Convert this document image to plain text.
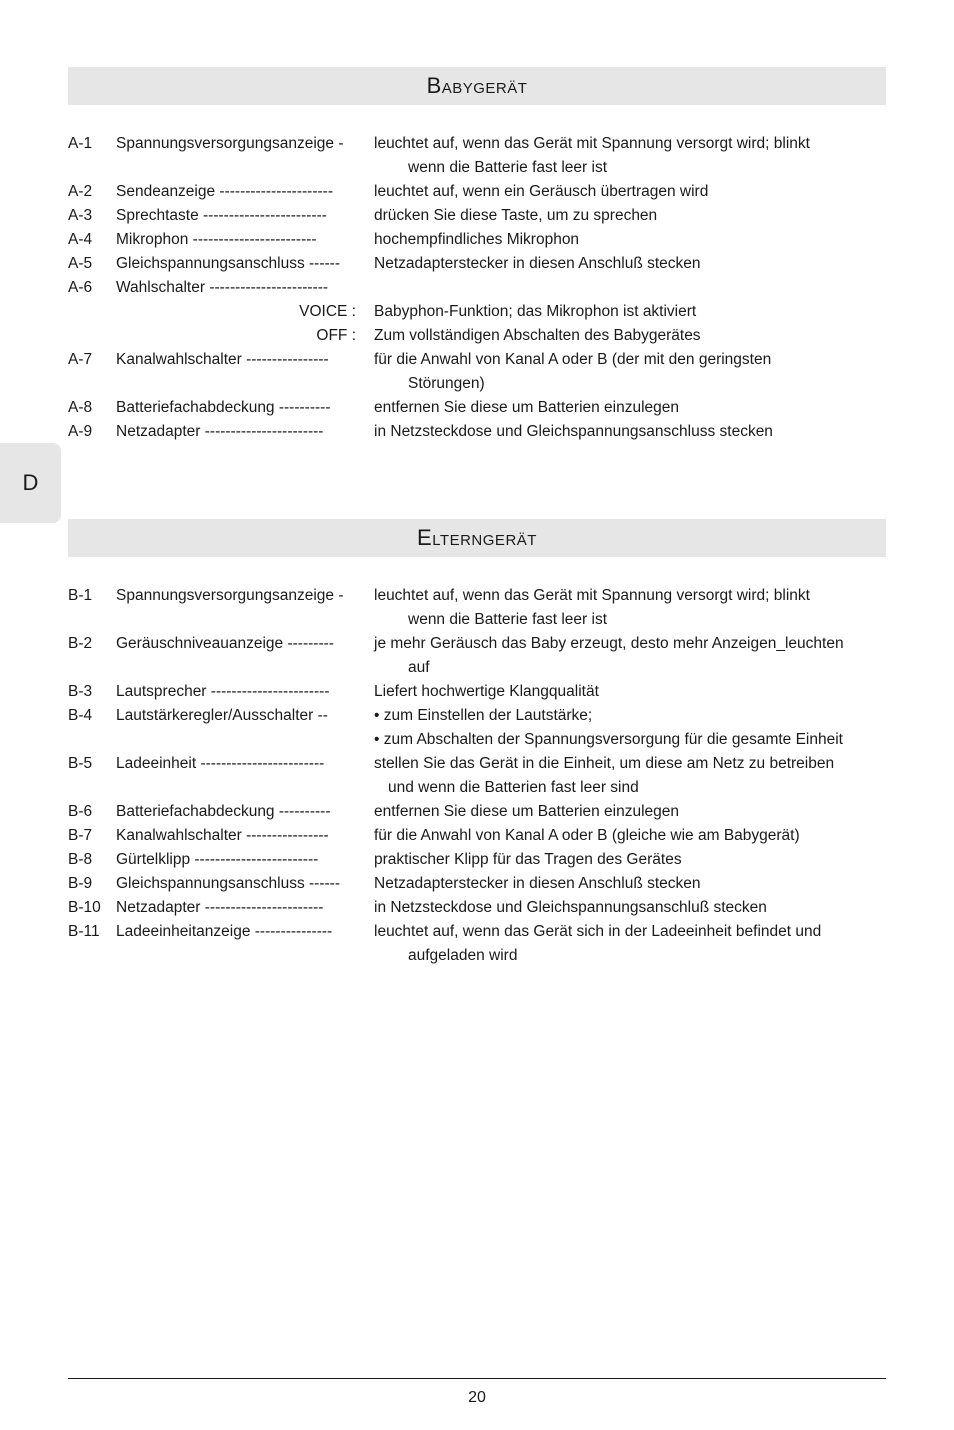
D
Babygerät
A-1 Spannungsversorgungsanzeige - leuchtet auf, wenn das Gerät mit Spannung versorgt wird; blinkt
wenn die Batterie fast leer ist
A-2 Sendeanzeige ----------------------	leuchtet auf, wenn ein Geräusch übertragen wird
A-3 Sprechtaste ------------------------	drücken Sie diese Taste, um zu sprechen
A-4 Mikrophon ------------------------	hochempfindliches Mikrophon
A-5 Gleichspannungsanschluss ------ Netzadapterstecker in diesen Anschluß stecken
A-6 Wahlschalter -----------------------
VOICE : Babyphon-Funktion; das Mikrophon ist aktiviert
OFF : Zum vollständigen Abschalten des Babygerätes
A-7 Kanalwahlschalter ----------------	für die Anwahl von Kanal A oder B (der mit den geringsten
Störungen)
A-8 Batteriefachabdeckung ----------	entfernen Sie diese um Batterien einzulegen
A-9 Netzadapter -----------------------	in Netzsteckdose und Gleichspannungsanschluss stecken
Elterngerät
B-1 Spannungsversorgungsanzeige - leuchtet auf, wenn das Gerät mit Spannung versorgt wird; blinkt
wenn die Batterie fast leer ist
B-2 Geräuschniveauanzeige ---------	je mehr Geräusch das Baby erzeugt, desto mehr Anzeigen_leuchten
auf
B-3 Lautsprecher -----------------------	Liefert hochwertige Klangqualität
B-4 Lautstärkeregler/Ausschalter --	• zum Einstellen der Lautstärke;
• zum Abschalten der Spannungsversorgung für die gesamte Einheit
B-5 Ladeeinheit ------------------------	stellen Sie das Gerät in die Einheit, um diese am Netz zu betreiben
und wenn die Batterien fast leer sind
B-6 Batteriefachabdeckung ----------	entfernen Sie diese um Batterien einzulegen
B-7 Kanalwahlschalter ----------------	für die Anwahl von Kanal A oder B (gleiche wie am Babygerät)
B-8 Gürtelklipp ------------------------	praktischer Klipp für das Tragen des Gerätes
B-9 Gleichspannungsanschluss ------ Netzadapterstecker in diesen Anschluß stecken
B-10 Netzadapter -----------------------	in Netzsteckdose und Gleichspannungsanschluß stecken
B-11 Ladeeinheitanzeige ---------------	leuchtet auf, wenn das Gerät sich in der Ladeeinheit befindet und
aufgeladen wird
20
